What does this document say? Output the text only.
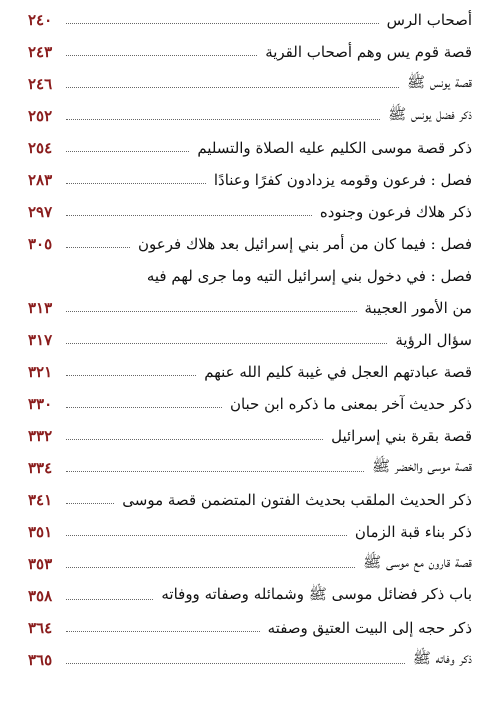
أصحاب الرس
٢٤٠
قصة قوم يس وهم أصحاب القرية
٢٤٣
قصة يونس ﷺ
٢٤٦
ذكر فضل يونس ﷺ
٢٥٢
ذكر قصة موسى الكليم عليه الصلاة والتسليم
٢٥٤
فصل : فرعون وقومه يزدادون كفرًا وعنادًا
٢٨٣
ذكر هلاك فرعون وجنوده
٢٩٧
فصل : فيما كان من أمر بني إسرائيل بعد هلاك فرعون
٣٠٥
فصل : في دخول بني إسرائيل التيه وما جرى لهم فيه
من الأمور العجيبة
٣١٣
سؤال الرؤية
٣١٧
قصة عبادتهم العجل في غيبة كليم الله عنهم
٣٢١
ذكر حديث آخر بمعنى ما ذكره ابن حبان
٣٣٠
قصة بقرة بني إسرائيل
٣٣٢
قصة موسى والخضر ﷺ
٣٣٤
ذكر الحديث الملقب بحديث الفتون المتضمن قصة موسى
٣٤١
ذكر بناء قبة الزمان
٣٥١
قصة قارون مع موسى ﷺ
٣٥٣
باب ذكر فضائل موسى ﷺ وشمائله وصفاته ووفاته
٣٥٨
ذكر حجه إلى البيت العتيق وصفته
٣٦٤
ذكر وفاته ﷺ
٣٦٥
